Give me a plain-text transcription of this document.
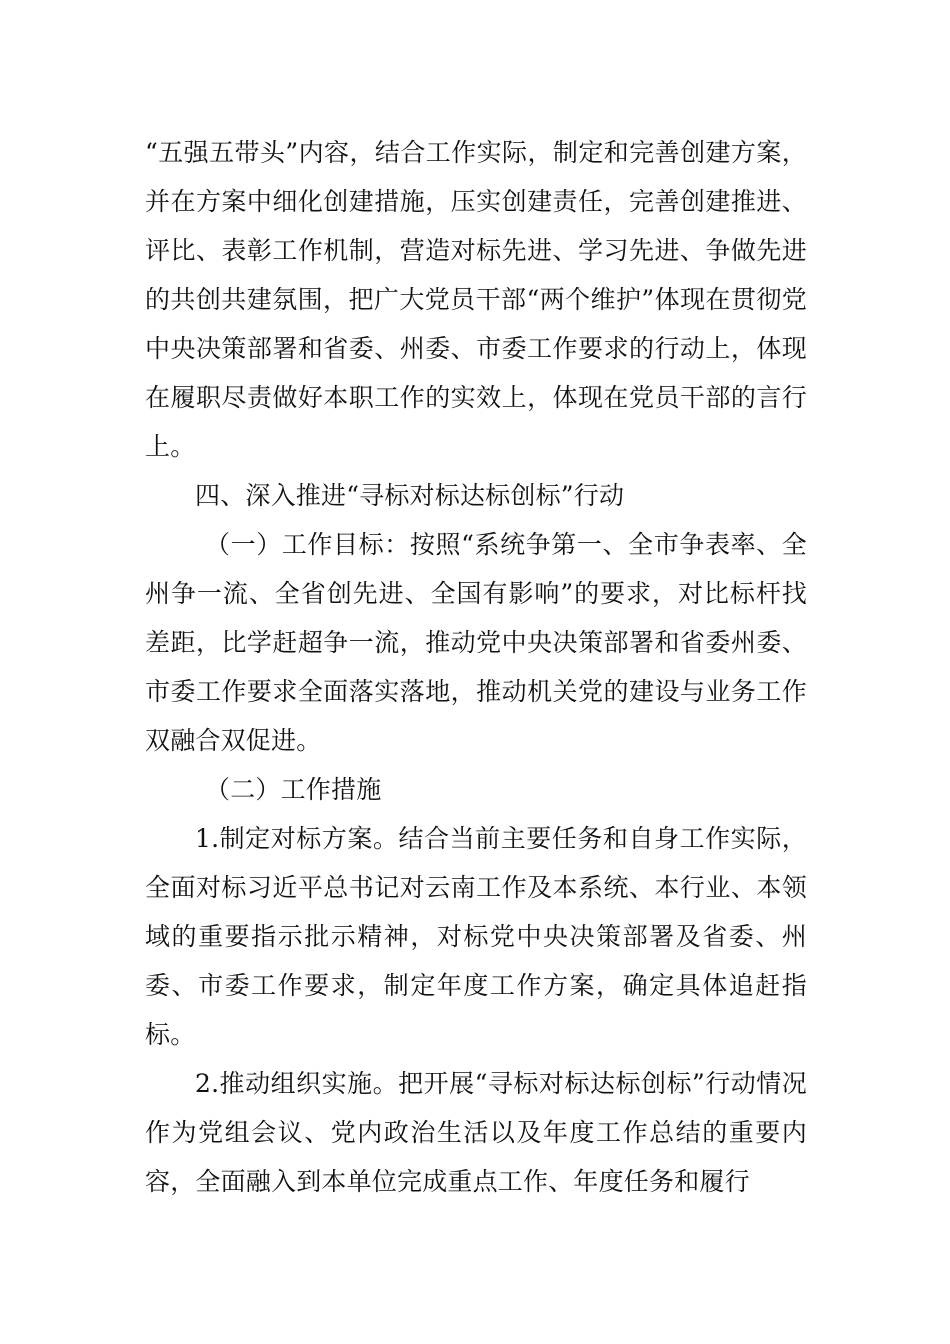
“五强五带头”内容，结合工作实际，制定和完善创建方案，并在方案中细化创建措施，压实创建责任，完善创建推进、评比、表彰工作机制，营造对标先进、学习先进、争做先进的共创共建氛围，把广大党员干部“两个维护”体现在贯彻党中央决策部署和省委、州委、市委工作要求的行动上，体现在履职尽责做好本职工作的实效上，体现在党员干部的言行上。

四、深入推进“寻标对标达标创标”行动

（一）工作目标：按照“系统争第一、全市争表率、全州争一流、全省创先进、全国有影响”的要求，对比标杆找差距，比学赶超争一流，推动党中央决策部署和省委州委、市委工作要求全面落实落地，推动机关党的建设与业务工作双融合双促进。

（二）工作措施

1.制定对标方案。结合当前主要任务和自身工作实际，全面对标习近平总书记对云南工作及本系统、本行业、本领域的重要指示批示精神，对标党中央决策部署及省委、州委、市委工作要求，制定年度工作方案，确定具体追赶指标。

2.推动组织实施。把开展“寻标对标达标创标”行动情况作为党组会议、党内政治生活以及年度工作总结的重要内容，全面融入到本单位完成重点工作、年度任务和履行
